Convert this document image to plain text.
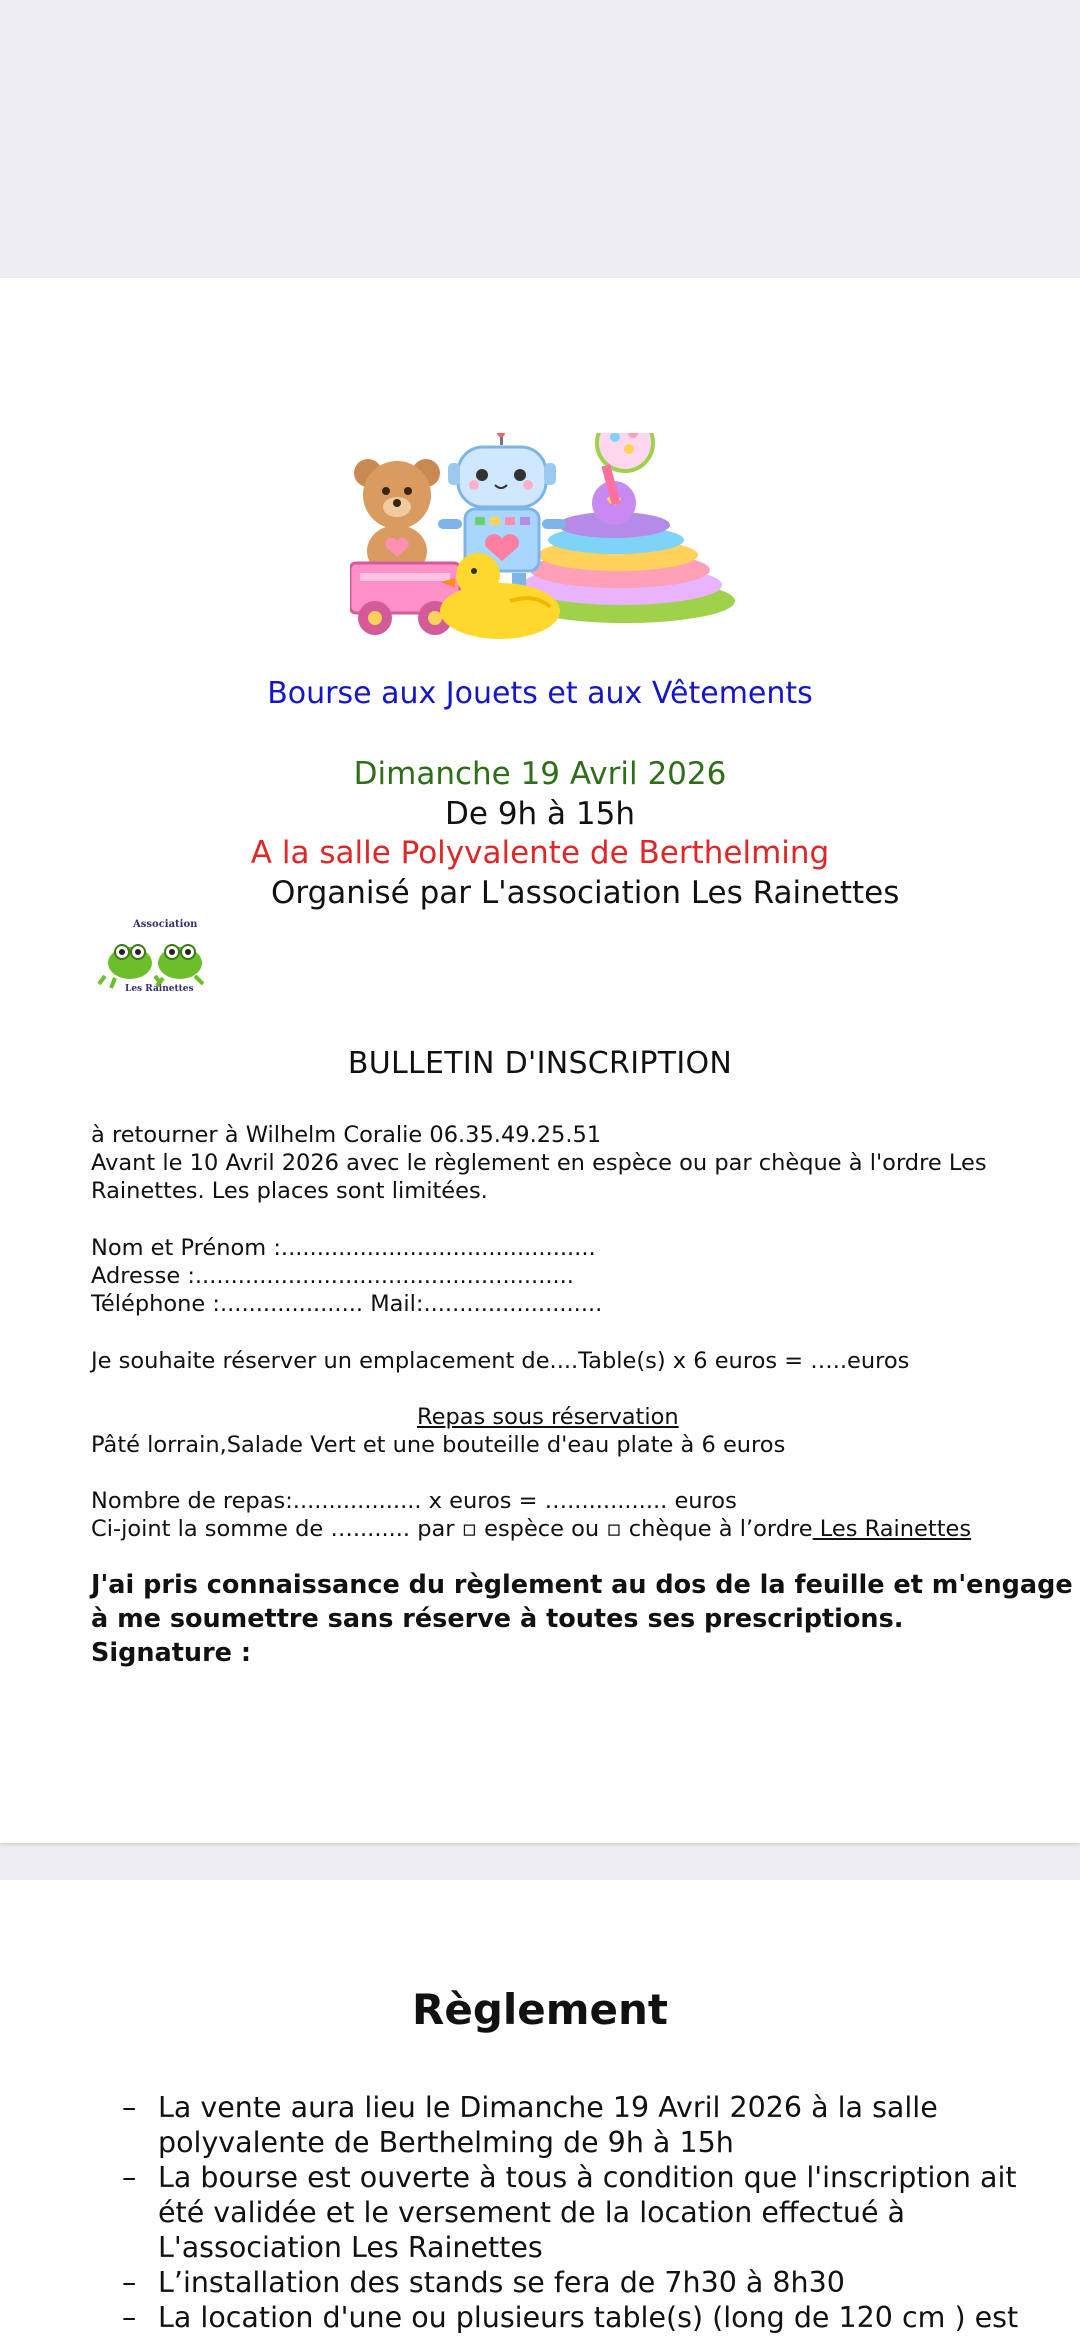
Bourse aux Jouets et aux Vêtements
Dimanche 19 Avril 2026
De 9h à 15h
A la salle Polyvalente de Berthelming
Organisé par L'association Les Rainettes
Association
Les Rainettes
BULLETIN D'INSCRIPTION
à retourner à Wilhelm Coralie 06.35.49.25.51
Avant le 10 Avril 2026 avec le règlement en espèce ou par chèque à l'ordre Les
Rainettes. Les places sont limitées.
Nom et Prénom :............................................
Adresse :.....................................................
Téléphone :.................... Mail:.........................
Je souhaite réserver un emplacement de....Table(s) x 6 euros = …..euros
Repas sous réservation
Pâté lorrain,Salade Vert et une bouteille d'eau plate à 6 euros
Nombre de repas:.................. x euros = ….............. euros
Ci-joint la somme de …........ par ▫ espèce ou ▫ chèque à l’ordre Les Rainettes
J'ai pris connaissance du règlement au dos de la feuille et m'engage
à me soumettre sans réserve à toutes ses prescriptions.
Signature :
Règlement
– La vente aura lieu le Dimanche 19 Avril 2026 à la salle
polyvalente de Berthelming de 9h à 15h
– La bourse est ouverte à tous à condition que l'inscription ait
été validée et le versement de la location effectué à
L'association Les Rainettes
– L’installation des stands se fera de 7h30 à 8h30
– La location d'une ou plusieurs table(s) (long de 120 cm ) est
